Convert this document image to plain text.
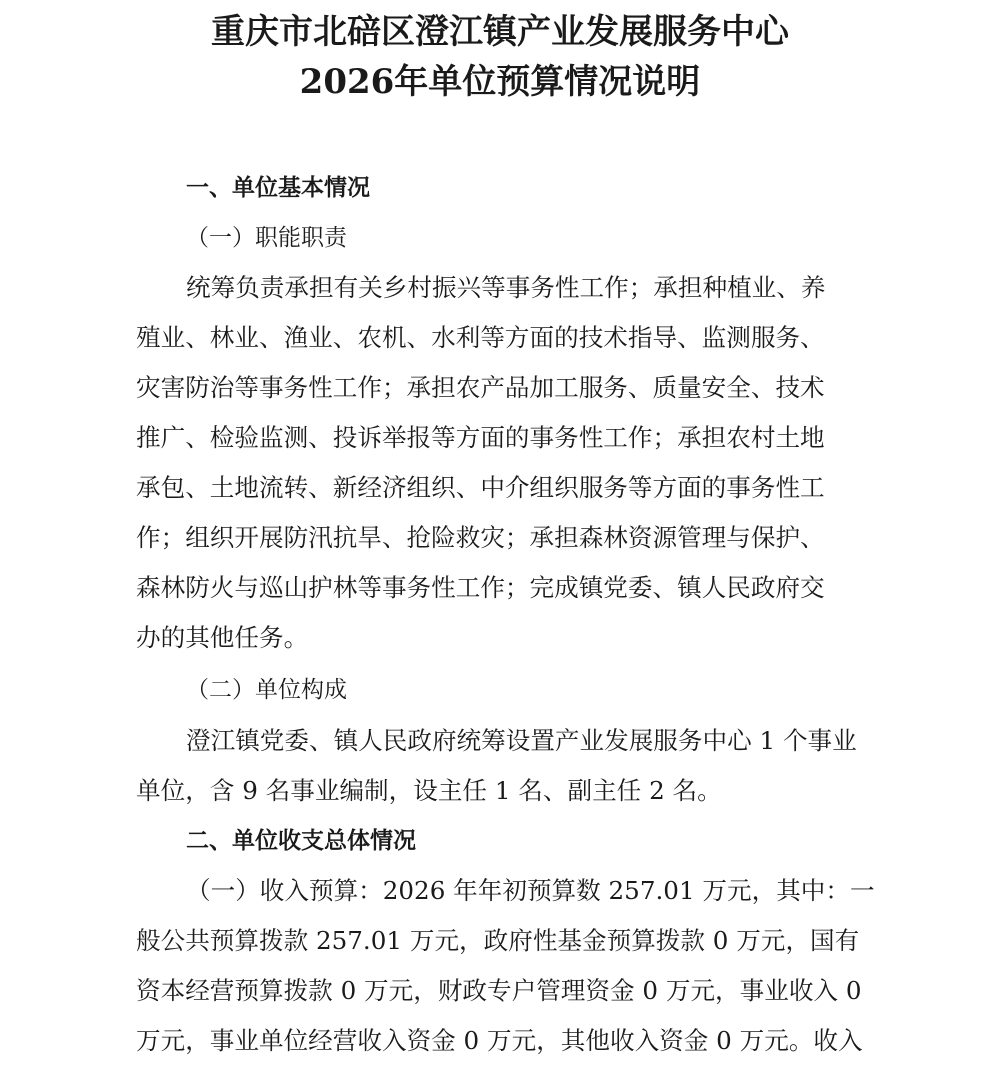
重庆市北碚区澄江镇产业发展服务中心
2026年单位预算情况说明
一、单位基本情况
（一）职能职责
统筹负责承担有关乡村振兴等事务性工作；承担种植业、养
殖业、林业、渔业、农机、水利等方面的技术指导、监测服务、
灾害防治等事务性工作；承担农产品加工服务、质量安全、技术
推广、检验监测、投诉举报等方面的事务性工作；承担农村土地
承包、土地流转、新经济组织、中介组织服务等方面的事务性工
作；组织开展防汛抗旱、抢险救灾；承担森林资源管理与保护、
森林防火与巡山护林等事务性工作；完成镇党委、镇人民政府交
办的其他任务。
（二）单位构成
澄江镇党委、镇人民政府统筹设置产业发展服务中心 1 个事业
单位，含 9 名事业编制，设主任 1 名、副主任 2 名。
二、单位收支总体情况
（一）收入预算：2026 年年初预算数 257.01 万元，其中：一
般公共预算拨款 257.01 万元，政府性基金预算拨款 0 万元，国有
资本经营预算拨款 0 万元，财政专户管理资金 0 万元，事业收入 0
万元，事业单位经营收入资金 0 万元，其他收入资金 0 万元。收入
